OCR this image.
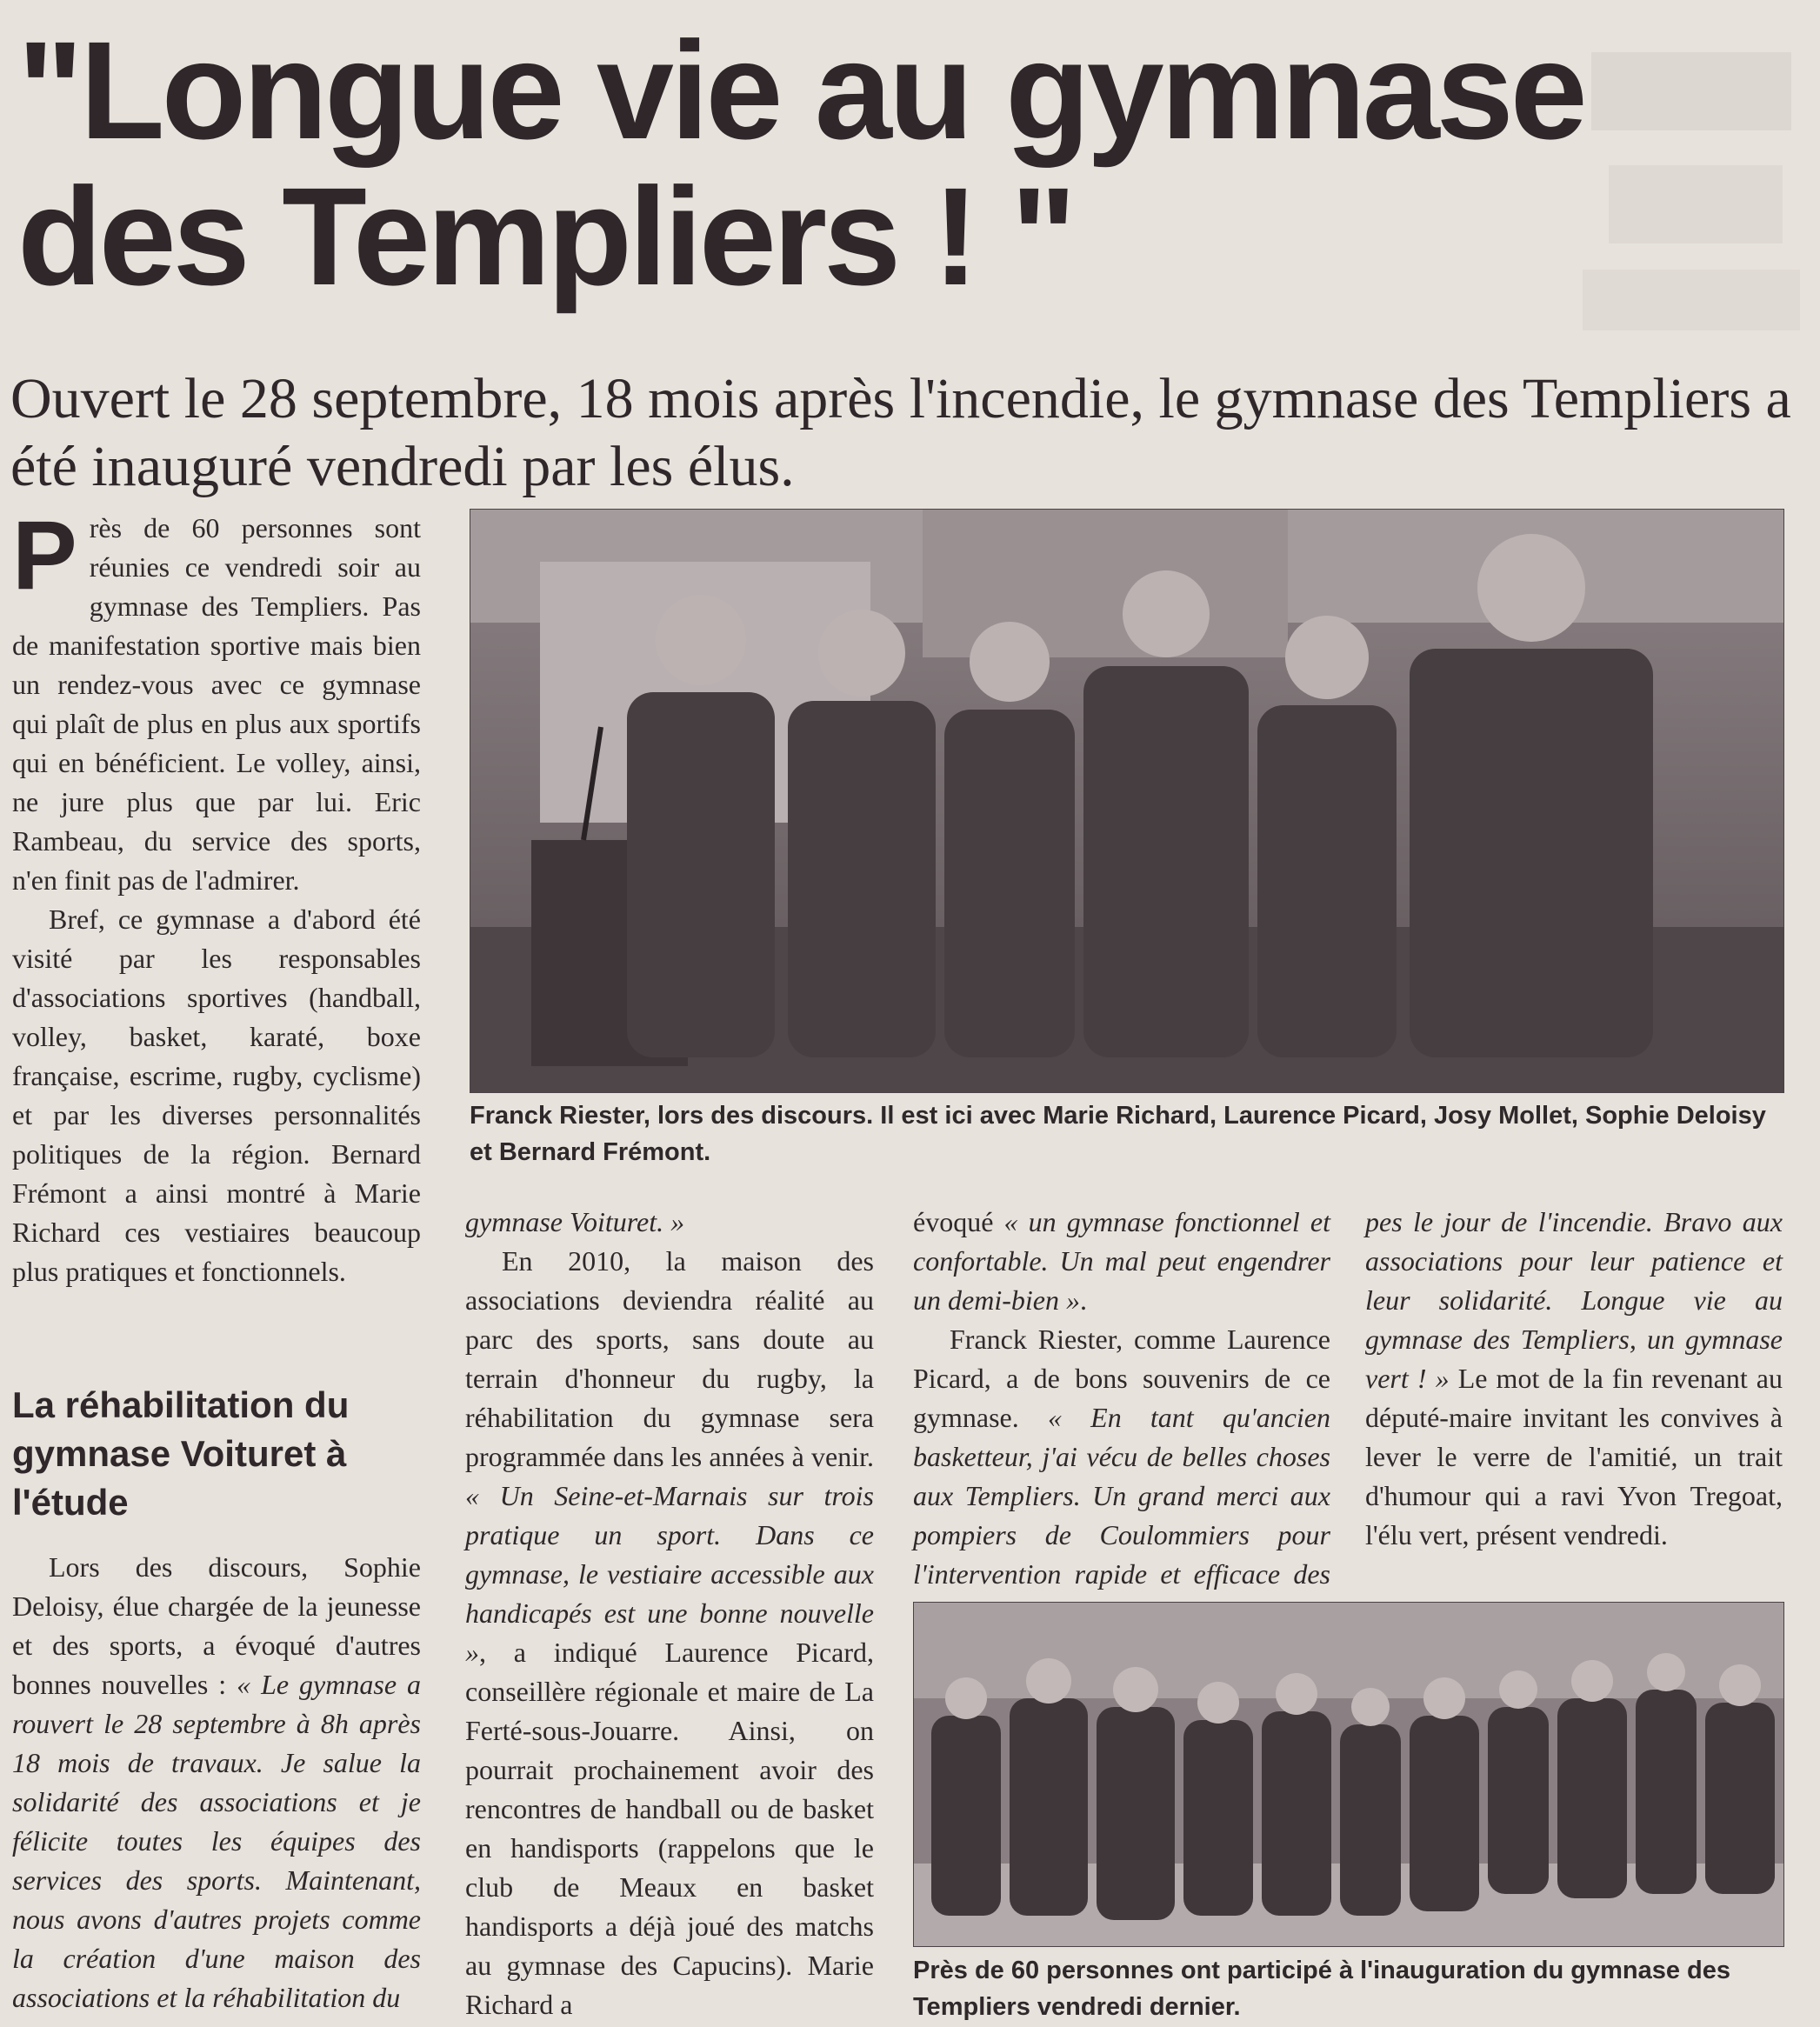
"Longue vie au gymnase
des Templiers ! "

Ouvert le 28 septembre, 18 mois après l'incendie, le gymnase des Templiers a été inauguré vendredi par les élus.

Près de 60 personnes sont réunies ce vendredi soir au gymnase des Templiers. Pas de manifestation sportive mais bien un rendez-vous avec ce gymnase qui plaît de plus en plus aux sportifs qui en bénéficient. Le volley, ainsi, ne jure plus que par lui. Eric Rambeau, du service des sports, n'en finit pas de l'admirer.

Bref, ce gymnase a d'abord été visité par les responsables d'associations sportives (handball, volley, basket, karaté, boxe française, escrime, rugby, cyclisme) et par les diverses personnalités politiques de la région. Bernard Frémont a ainsi montré à Marie Richard ces vestiaires beaucoup plus pratiques et fonctionnels.

La réhabilitation du gymnase Voituret à l'étude

Lors des discours, Sophie Deloisy, élue chargée de la jeunesse et des sports, a évoqué d'autres bonnes nouvelles : « Le gymnase a rouvert le 28 septembre à 8h après 18 mois de travaux. Je salue la solidarité des associations et je félicite toutes les équipes des services des sports. Maintenant, nous avons d'autres projets comme la création d'une maison des associations et la réhabilitation du

Franck Riester, lors des discours. Il est ici avec Marie Richard, Laurence Picard, Josy Mollet, Sophie Deloisy et Bernard Frémont.

gymnase Voituret. »

En 2010, la maison des associations deviendra réalité au parc des sports, sans doute au terrain d'honneur du rugby, la réhabilitation du gymnase sera programmée dans les années à venir. « Un Seine-et-Marnais sur trois pratique un sport. Dans ce gymnase, le vestiaire accessible aux handicapés est une bonne nouvelle », a indiqué Laurence Picard, conseillère régionale et maire de La Ferté-sous-Jouarre. Ainsi, on pourrait prochainement avoir des rencontres de handball ou de basket en handisports (rappelons que le club de Meaux en basket handisports a déjà joué des matchs au gymnase des Capucins). Marie Richard a

évoqué « un gymnase fonctionnel et confortable. Un mal peut engendrer un demi-bien ».

Franck Riester, comme Laurence Picard, a de bons souvenirs de ce gymnase. « En tant qu'ancien basketteur, j'ai vécu de belles choses aux Templiers. Un grand merci aux pompiers de Coulommiers pour l'intervention rapide et efficace des

pes le jour de l'incendie. Bravo aux associations pour leur patience et leur solidarité. Longue vie au gymnase des Templiers, un gymnase vert ! » Le mot de la fin revenant au député-maire invitant les convives à lever le verre de l'amitié, un trait d'humour qui a ravi Yvon Tregoat, l'élu vert, présent vendredi.

Près de 60 personnes ont participé à l'inauguration du gymnase des Templiers vendredi dernier.
